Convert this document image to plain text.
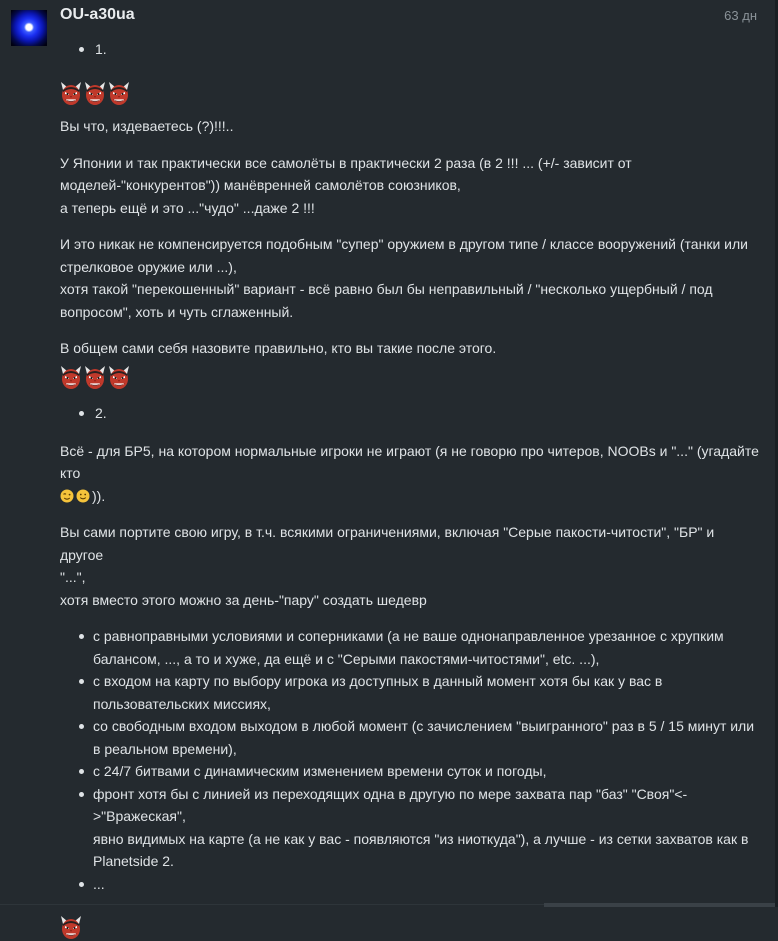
OU-a30ua	63 дн
1.

Вы что, издеваетесь (?)!!!..

У Японии и так практически все самолёты в практически 2 раза (в 2 !!! ... (+/- зависит от

моделей-"конкурентов")) манёвренней самолётов союзников,

а теперь ещё и это ..."чудо" ...даже 2 !!!

И это никак не компенсируется подобным "супер" оружием в другом типе / классе вооружений (танки или

стрелковое оружие или ...),

хотя такой "перекошенный" вариант - всё равно был бы неправильный / "несколько ущербный / под

вопросом", хоть и чуть сглаженный.

В общем сами себя назовите правильно, кто вы такие после этого.

2.

Всё - для БР5, на котором нормальные игроки не играют (я не говорю про читеров, NOOBs и "..." (угадайте кто

)).

Вы сами портите свою игру, в т.ч. всякими ограничениями, включая "Серые пакости-читости", "БР" и другое

"...",

хотя вместо этого можно за день-"пару" создать шедевр

с равноправными условиями и соперниками (а не ваше однонаправленное урезанное с хрупким
балансом, ..., а то и хуже, да ещё и с "Серыми пакостями-читостями", etc. ...),
с входом на карту по выбору игрока из доступных в данный момент хотя бы как у вас в
пользовательских миссиях,
со свободным входом выходом в любой момент (с зачислением "выигранного" раз в 5 / 15 минут или
в реальном времени),
с 24/7 битвами с динамическим изменением времени суток и погоды,
фронт хотя бы с линией из переходящих одна в другую по мере захвата пар "баз" "Своя"<->"Вражеская",
явно видимых на карте (а не как у вас - появляются "из ниоткуда"), а лучше - из сетки захватов как в
Planetside 2.
...
